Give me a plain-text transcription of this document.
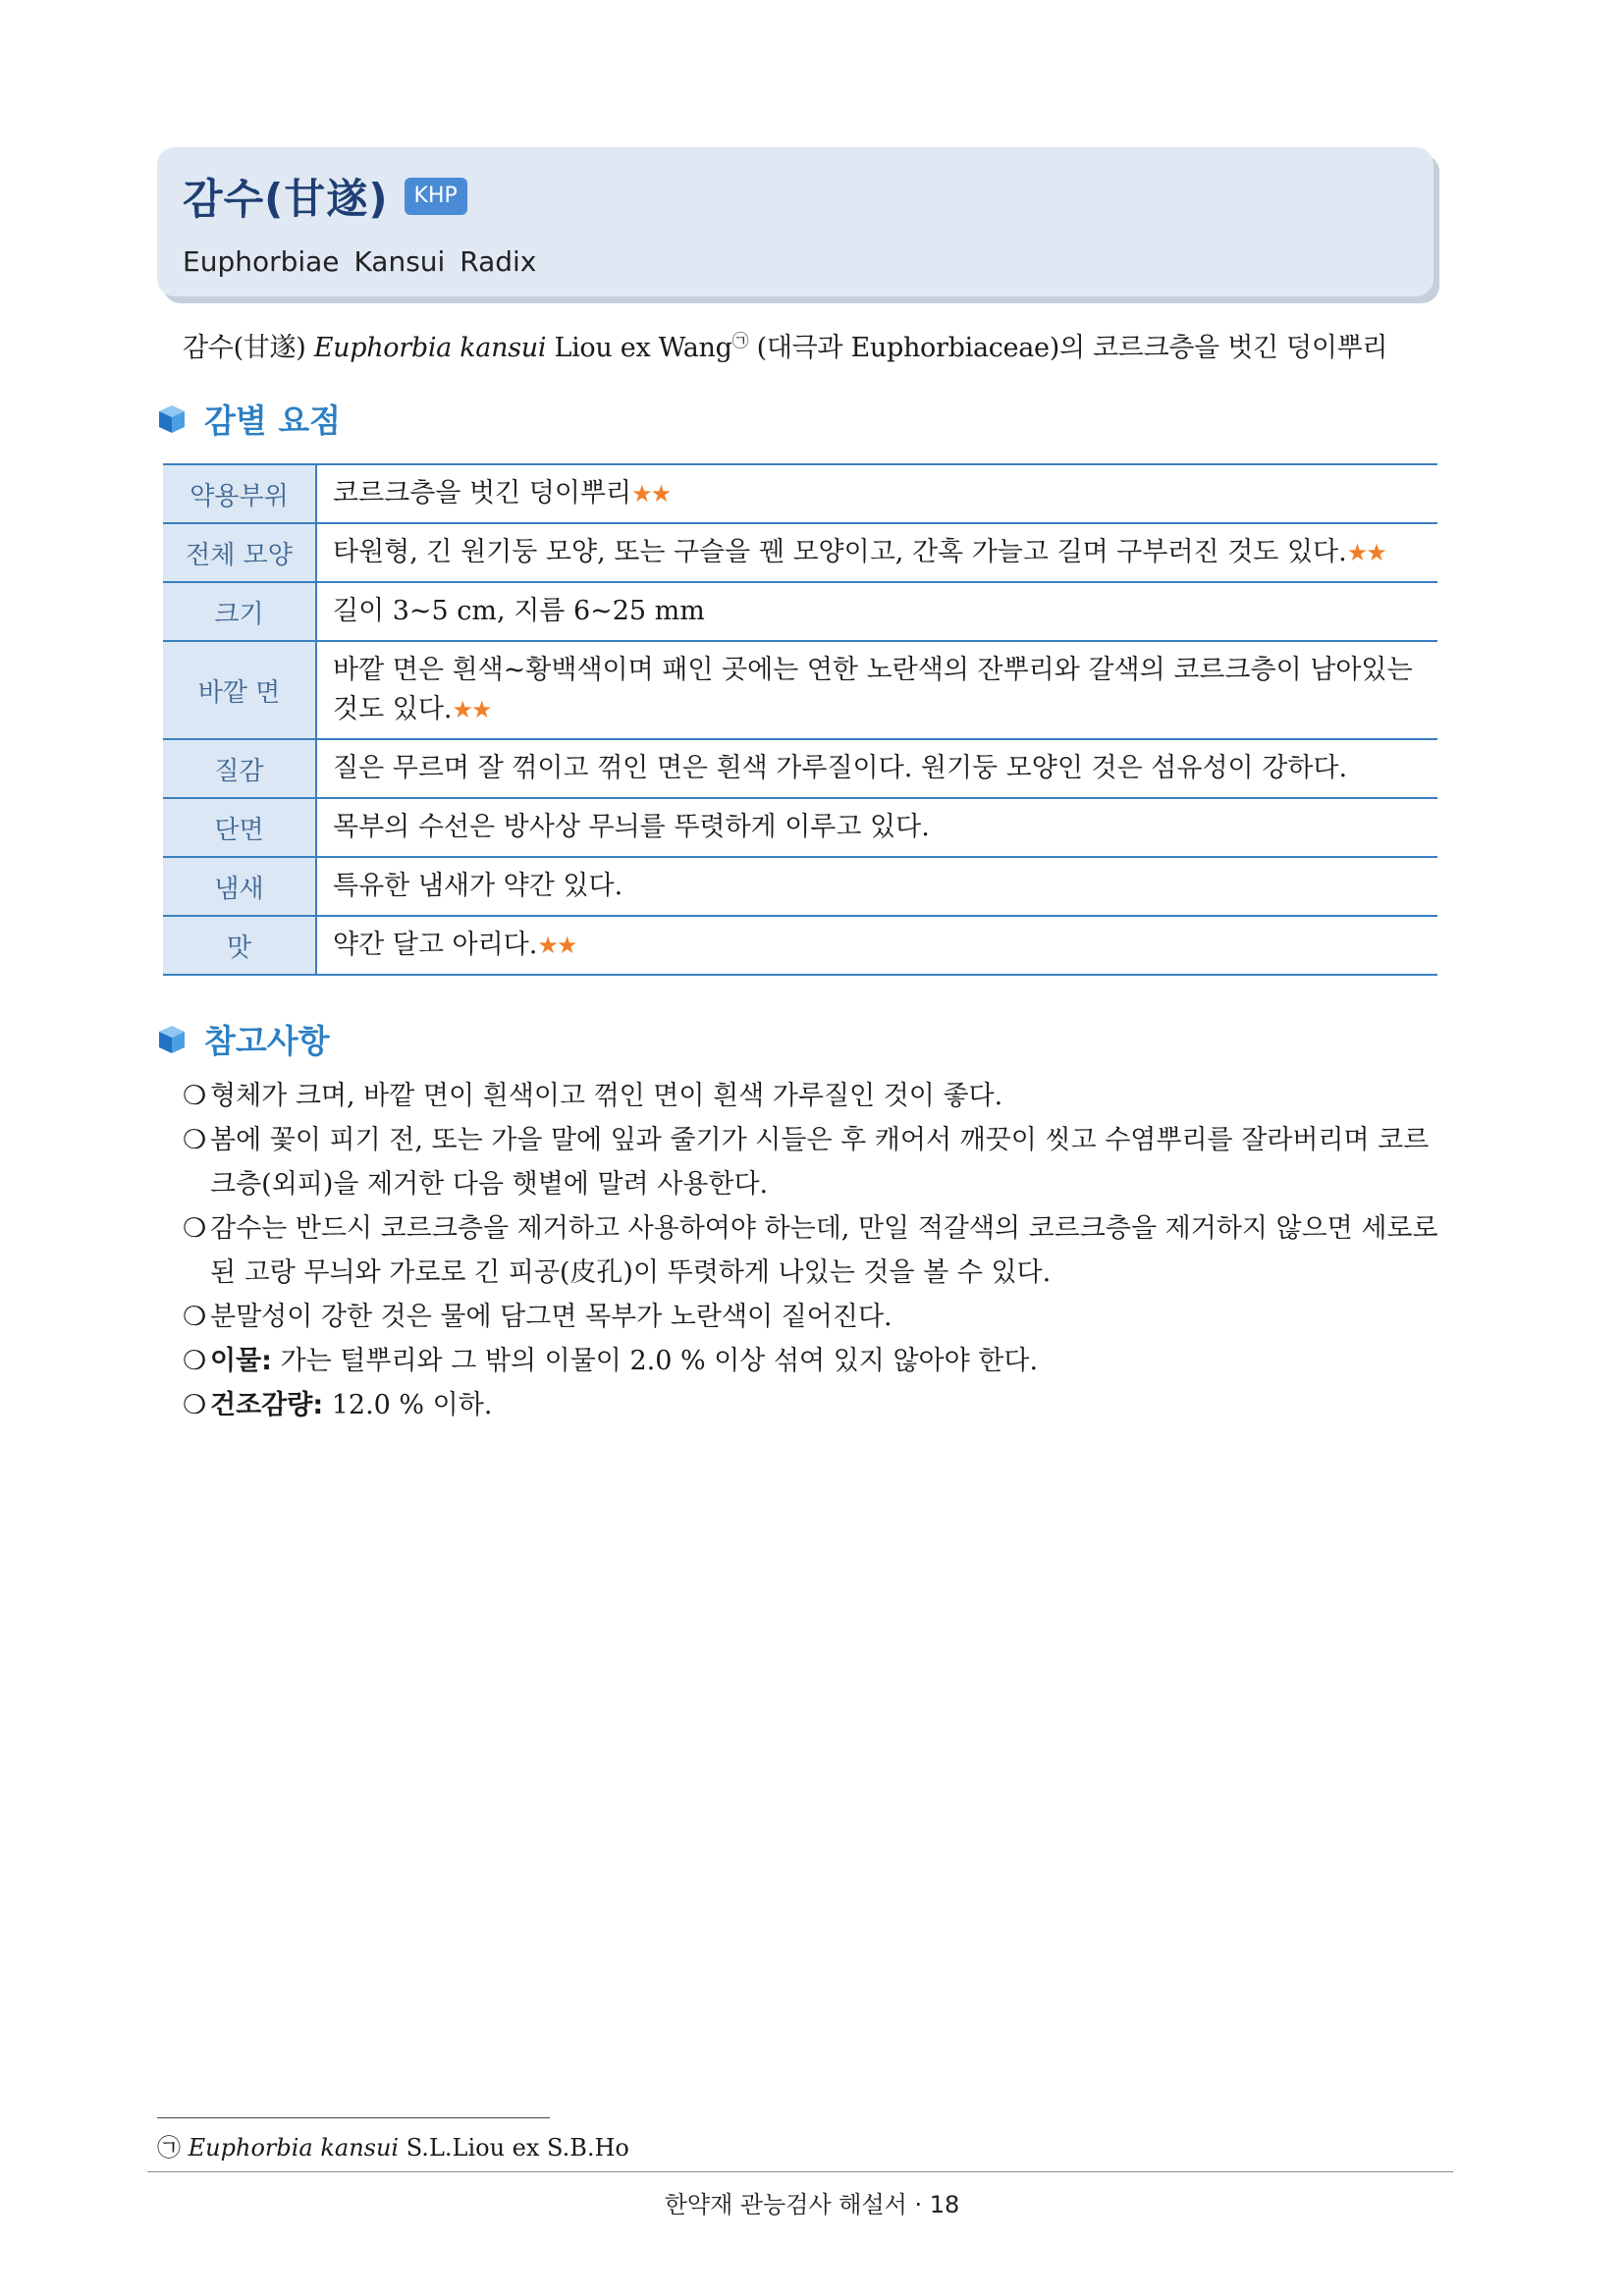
감수(甘遂)	KHP
Euphorbiae Kansui Radix
감수(甘遂) Euphorbia kansui Liou ex Wang㉠ (대극과 Euphorbiaceae)의 코르크층을 벗긴 덩이뿌리
감별 요점
약용부위	코르크층을 벗긴 덩이뿌리★★
전체 모양	타원형, 긴 원기둥 모양, 또는 구슬을 꿴 모양이고, 간혹 가늘고 길며 구부러진 것도 있다.★★
크기	길이 3~5 cm, 지름 6~25 mm
바깥 면	바깥 면은 흰색~황백색이며 패인 곳에는 연한 노란색의 잔뿌리와 갈색의 코르크층이 남아있는 것도 있다.★★
질감	질은 무르며 잘 꺾이고 꺾인 면은 흰색 가루질이다. 원기둥 모양인 것은 섬유성이 강하다.
단면	목부의 수선은 방사상 무늬를 뚜렷하게 이루고 있다.
냄새	특유한 냄새가 약간 있다.
맛	약간 달고 아리다.★★
참고사항
❍ 형체가 크며, 바깥 면이 흰색이고 꺾인 면이 흰색 가루질인 것이 좋다.
❍ 봄에 꽃이 피기 전, 또는 가을 말에 잎과 줄기가 시들은 후 캐어서 깨끗이 씻고 수염뿌리를 잘라버리며 코르크층(외피)을 제거한 다음 햇볕에 말려 사용한다.
❍ 감수는 반드시 코르크층을 제거하고 사용하여야 하는데, 만일 적갈색의 코르크층을 제거하지 않으면 세로로 된 고랑 무늬와 가로로 긴 피공(皮孔)이 뚜렷하게 나있는 것을 볼 수 있다.
❍ 분말성이 강한 것은 물에 담그면 목부가 노란색이 짙어진다.
❍ 이물: 가는 털뿌리와 그 밖의 이물이 2.0 % 이상 섞여 있지 않아야 한다.
❍ 건조감량: 12.0 % 이하.
㉠ Euphorbia kansui S.L.Liou ex S.B.Ho
한약재 관능검사 해설서 · 18
